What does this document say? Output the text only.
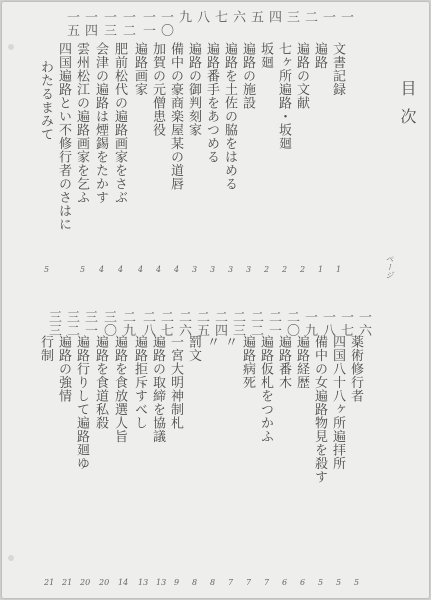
目次
ページ
一
文書記録
1
一
遍路
1
二
遍路の文献
2
三
七ヶ所遍路・坂廻
2
四
坂廻
2
五
遍路の施設
3
六
遍路を土佐の脇をはめる
3
七
遍路番手をあつめる
3
八
遍路の御判刻家
3
九
備中の豪商楽屋某の道唇
4
一〇
加賀の元僧患役
4
一一
遍路画家
4
一二
肥前松代の遍路画家をさぶ
4
一三
会津の遍路は煙錫をたかす
4
一四
雲州松江の遍路画家を乞ふ
5
一五
四国遍路とい不修行者のさはに
わたるまみて
5
一六
薬術修行者
5
一七
四国八十八ヶ所遍拝所
5
一八
備中の女遍路物見を殺す
5
一九
遍路経歴
6
二〇
遍路番木
6
二一
遍路仮札をつかふ
7
二二
遍路病死
7
二三
〃
7
二四
〃
8
二五
罰文
8
二六
一宮大明神制札
9
二七
遍路の取締を協議
13
二八
遍路拒斥すべし
13
二九
遍路を食放選人旨
14
三〇
遍路を食道私殺
20
三一
遍路行りして遍路廻ゆ
20
三二
遍路の強情
21
三三
行制
21
